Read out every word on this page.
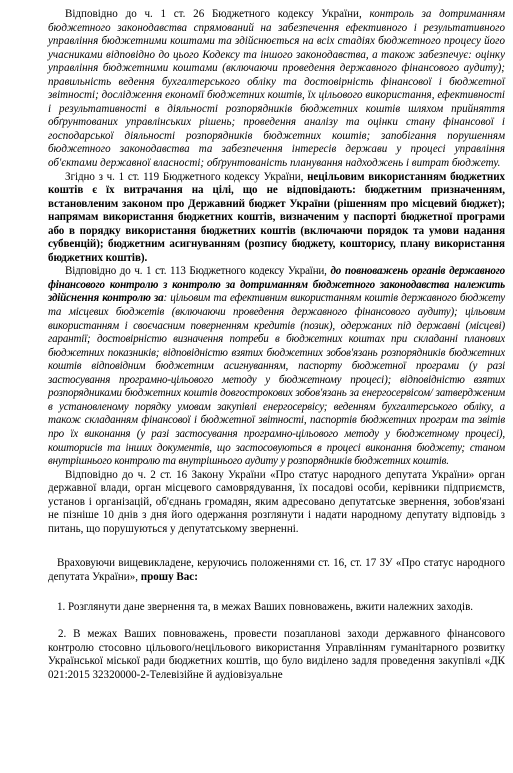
Відповідно до ч. 1 ст. 26 Бюджетного кодексу України, контроль за дотриманням бюджетного законодавства спрямований на забезпечення ефективного і результативного управління бюджетними коштами та здійснюється на всіх стадіях бюджетного процесу його учасниками відповідно до цього Кодексу та іншого законодавства, а також забезпечує: оцінку управління бюджетними коштами (включаючи проведення державного фінансового аудиту); правильність ведення бухгалтерського обліку та достовірність фінансової і бюджетної звітності; дослідження економії бюджетних коштів, їх цільового використання, ефективності і результативності в діяльності розпорядників бюджетних коштів шляхом прийняття обґрунтованих управлінських рішень; проведення аналізу та оцінки стану фінансової і господарської діяльності розпорядників бюджетних коштів; запобігання порушенням бюджетного законодавства та забезпечення інтересів держави у процесі управління об'єктами державної власності; обґрунтованість планування надходжень і витрат бюджету.

Згідно з ч. 1 ст. 119 Бюджетного кодексу України, нецільовим використанням бюджетних коштів є їх витрачання на цілі, що не відповідають: бюджетним призначенням, встановленим законом про Державний бюджет України (рішенням про місцевий бюджет); напрямам використання бюджетних коштів, визначеним у паспорті бюджетної програми або в порядку використання бюджетних коштів (включаючи порядок та умови надання субвенцій); бюджетним асигнуванням (розпису бюджету, кошторису, плану використання бюджетних коштів).

Відповідно до ч. 1 ст. 113 Бюджетного кодексу України, до повноважень органів державного фінансового контролю з контролю за дотриманням бюджетного законодавства належить здійснення контролю за: цільовим та ефективним використанням коштів державного бюджету та місцевих бюджетів (включаючи проведення державного фінансового аудиту); цільовим використанням і своєчасним поверненням кредитів (позик), одержаних під державні (місцеві) гарантії; достовірністю визначення потреби в бюджетних коштах при складанні планових бюджетних показників; відповідністю взятих бюджетних зобов'язань розпорядників бюджетних коштів відповідним бюджетним асигнуванням, паспорту бюджетної програми (у разі застосування програмно-цільового методу у бюджетному процесі); відповідністю взятих розпорядниками бюджетних коштів довгострокових зобов'язань за енергосервісом/ затвердженим в установленому порядку умовам закупівлі енергосервісу; веденням бухгалтерського обліку, а також складанням фінансової і бюджетної звітності, паспортів бюджетних програм та звітів про їх виконання (у разі застосування програмно-цільового методу у бюджетному процесі), кошторисів та інших документів, що застосовуються в процесі виконання бюджету; станом внутрішнього контролю та внутрішнього аудиту у розпорядників бюджетних коштів.

Відповідно до ч. 2 ст. 16 Закону України «Про статус народного депутата України» орган державної влади, орган місцевого самоврядування, їх посадові особи, керівники підприємств, установ і організацій, об'єднань громадян, яким адресовано депутатське звернення, зобов'язані не пізніше 10 днів з дня його одержання розглянути і надати народному депутату відповідь з питань, що порушуються у депутатському зверненні.

Враховуючи вищевикладене, керуючись положеннями ст. 16, ст. 17 ЗУ «Про статус народного депутата України», прошу Вас:

1. Розглянути дане звернення та, в межах Ваших повноважень, вжити належних заходів.

2. В межах Ваших повноважень, провести позапланові заходи державного фінансового контролю стосовно цільового/нецільового використання Управлінням гуманітарного розвитку Української міської ради бюджетних коштів, що було виділено задля проведення закупівлі «ДК 021:2015 32320000-2-Телевізійне й аудіовізуальне
